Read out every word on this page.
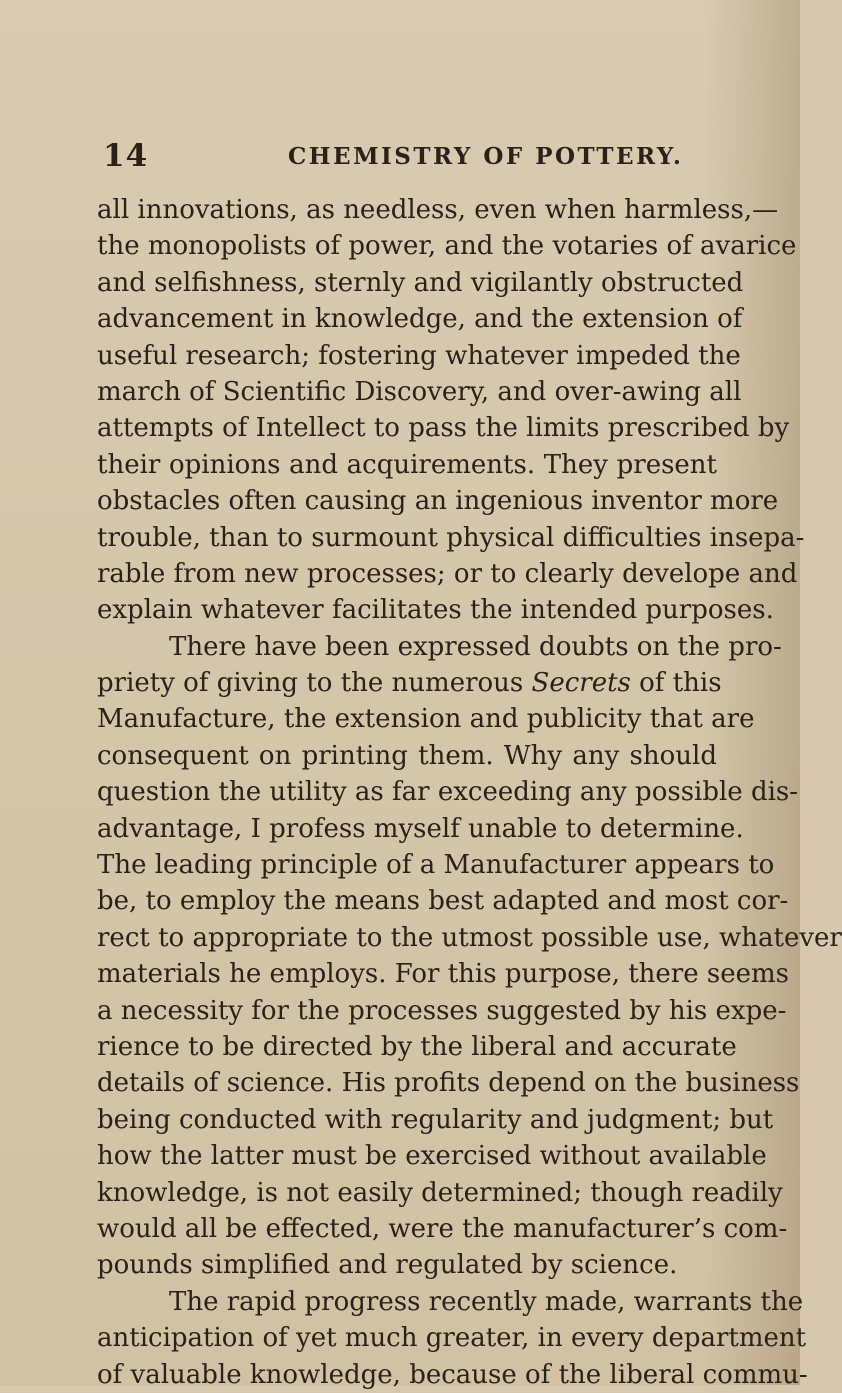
14	CHEMISTRY OF POTTERY.
all innovations, as needless, even when harmless,—
the monopolists of power, and the votaries of avarice
and selfishness, sternly and vigilantly obstructed
advancement in knowledge, and the extension of
useful research; fostering whatever impeded the
march of Scientific Discovery, and over-awing all
attempts of Intellect to pass the limits prescribed by
their opinions and acquirements. They present
obstacles often causing an ingenious inventor more
trouble, than to surmount physical difficulties insepa-
rable from new processes; or to clearly develope and
explain whatever facilitates the intended purposes.
There have been expressed doubts on the pro-
priety of giving to the numerous Secrets of this
Manufacture, the extension and publicity that are
consequent on printing them. Why any should
question the utility as far exceeding any possible dis-
advantage, I profess myself unable to determine.
The leading principle of a Manufacturer appears to
be, to employ the means best adapted and most cor-
rect to appropriate to the utmost possible use, whatever
materials he employs. For this purpose, there seems
a necessity for the processes suggested by his expe-
rience to be directed by the liberal and accurate
details of science. His profits depend on the business
being conducted with regularity and judgment; but
how the latter must be exercised without available
knowledge, is not easily determined; though readily
would all be effected, were the manufacturer’s com-
pounds simplified and regulated by science.
The rapid progress recently made, warrants the
anticipation of yet much greater, in every department
of valuable knowledge, because of the liberal commu-
